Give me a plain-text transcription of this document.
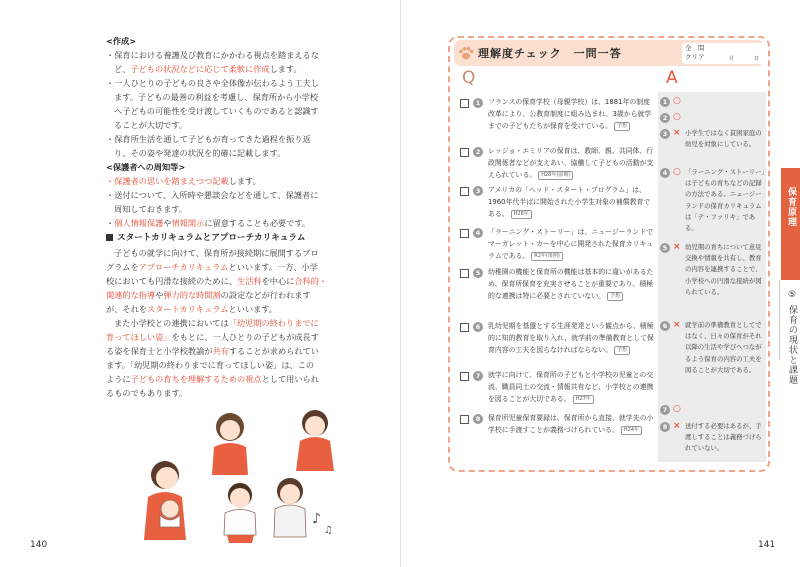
<作成>

・保育における養護及び教育にかかわる視点を踏まえるな
ど、子どもの状況などに応じて柔軟に作成します。

・一人ひとりの子どもの良さや全体像が伝わるよう工夫し
ます。子どもの最善の利益を考慮し、保育所から小学校
へ子どもの可能性を受け渡していくものであると認識す
ることが大切です。

・保育所生活を通して子どもが育ってきた過程を振り返
り、その姿や発達の状況を的確に記載します。

<保護者への周知等>

・保護者の思いを踏まえつつ記載します。

・送付について、入所時や懇談会などを通して、保護者に
周知しておきます。

・個人情報保護や情報開示に留意することも必要です。

スタートカリキュラムとアプローチカリキュラム

子どもの就学に向けて、保育所が接続期に展開するプロ
グラムをアプローチカリキュラムといいます。一方、小学
校においても円滑な接続のために、生活科を中心に合科的・
関連的な指導や弾力的な時間割の設定などが行われます
が、それをスタートカリキュラムといいます。

また小学校との連携においては「幼児期の終わりまでに
育ってほしい姿」をもとに、一人ひとりの子どもが成長す
る姿を保育士と小学校教諭が共有することが求められてい
ます。「幼児期の終わりまでに育ってほしい姿」は、この
ように子どもの育ちを理解するための視点として用いられ
るものでもあります。

♪
♫
140
理解度チェック　一問一答	全　問
クリア	月	日
Q	A
1	フランスの保育学校（母親学校）は、1881年の制度改革により、公教育制度に組み込まれ、3歳から就学までの子どもたちが保育を受けている。 予想
2	レッジョ・エミリアの保育は、教師、親、共同体、行政関係者などが支えあい、協働して子どもの活動が支えられている。 H28年(前期)
3	アメリカの「ヘッド・スタート・プログラム」は、1960年代半ばに開始された小学生対象の補償教育である。 H26年
4	「ラーニング・ストーリー」は、ニュージーランドでマーガレット・カーを中心に開発された保育カリキュラムである。 R2年(後期)
5	幼稚園の機能と保育所の機能は基本的に違いがあるため、保育所保育を充実させることが重要であり、積極的な連携は特に必要とされていない。 予想
6	乳幼児期を基盤とする生涯発達という観点から、積極的に知的教育を取り入れ、就学前の準備教育として保育内容の工夫を図らなければならない。 予想
7	就学に向けて、保育所の子どもと小学校の児童との交流、職員同士の交流・情報共有など、小学校との連携を図ることが大切である。 H27年
8	保育所児童保育要録は、保育所から直接、就学先の小学校に手渡すことが義務づけられている。 H24年
1 ○
2 ○
3 × 小学生ではなく貧困家庭の幼児を対象にしている。
4 ○ 「ラーニング・ストーリー」は子どもの育ちなどの記録の方法である。ニュージーランドの保育カリキュラムは「テ・ファリキ」である。
5 × 幼児期の育ちについて意見交換や情報を共有し、教育の内容を連携することで、小学校への円滑な接続が図られている。
6 × 就学前の準備教育としてではなく、日々の保育がそれ以降の生活や学びへつながるよう保育の内容の工夫を図ることが大切である。
7 ○
8 × 送付する必要はあるが、手渡しすることは義務づけられていない。
保育原理
⑤ 保育の現状と課題
141
